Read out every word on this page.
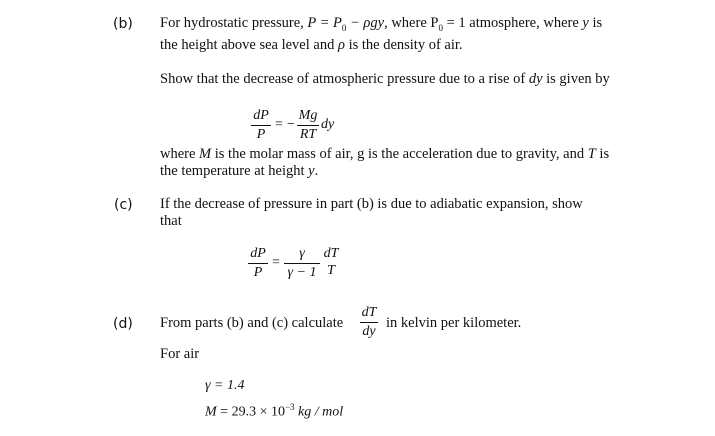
(b) For hydrostatic pressure, $P = P_0 - \rho gy$, where $P_0 = 1$ atmosphere, where y is
the height above sea level and ρ is the density of air.
Show that the decrease of atmospheric pressure due to a rise of dy is given by
dP
P
= −
Mg
RT
dy
where M is the molar mass of air, g is the acceleration due to gravity, and T is
the temperature at height y.
(c) If the decrease of pressure in part (b) is due to adiabatic expansion, show
that
dP
P
=
γ
γ − 1
dT
T
(d) From parts (b) and (c) calculate
dT
dy
in kelvin per kilometer.
For air
γ = 1.4
$M = 29.3 \times 10^{-3}$ kg / mol
